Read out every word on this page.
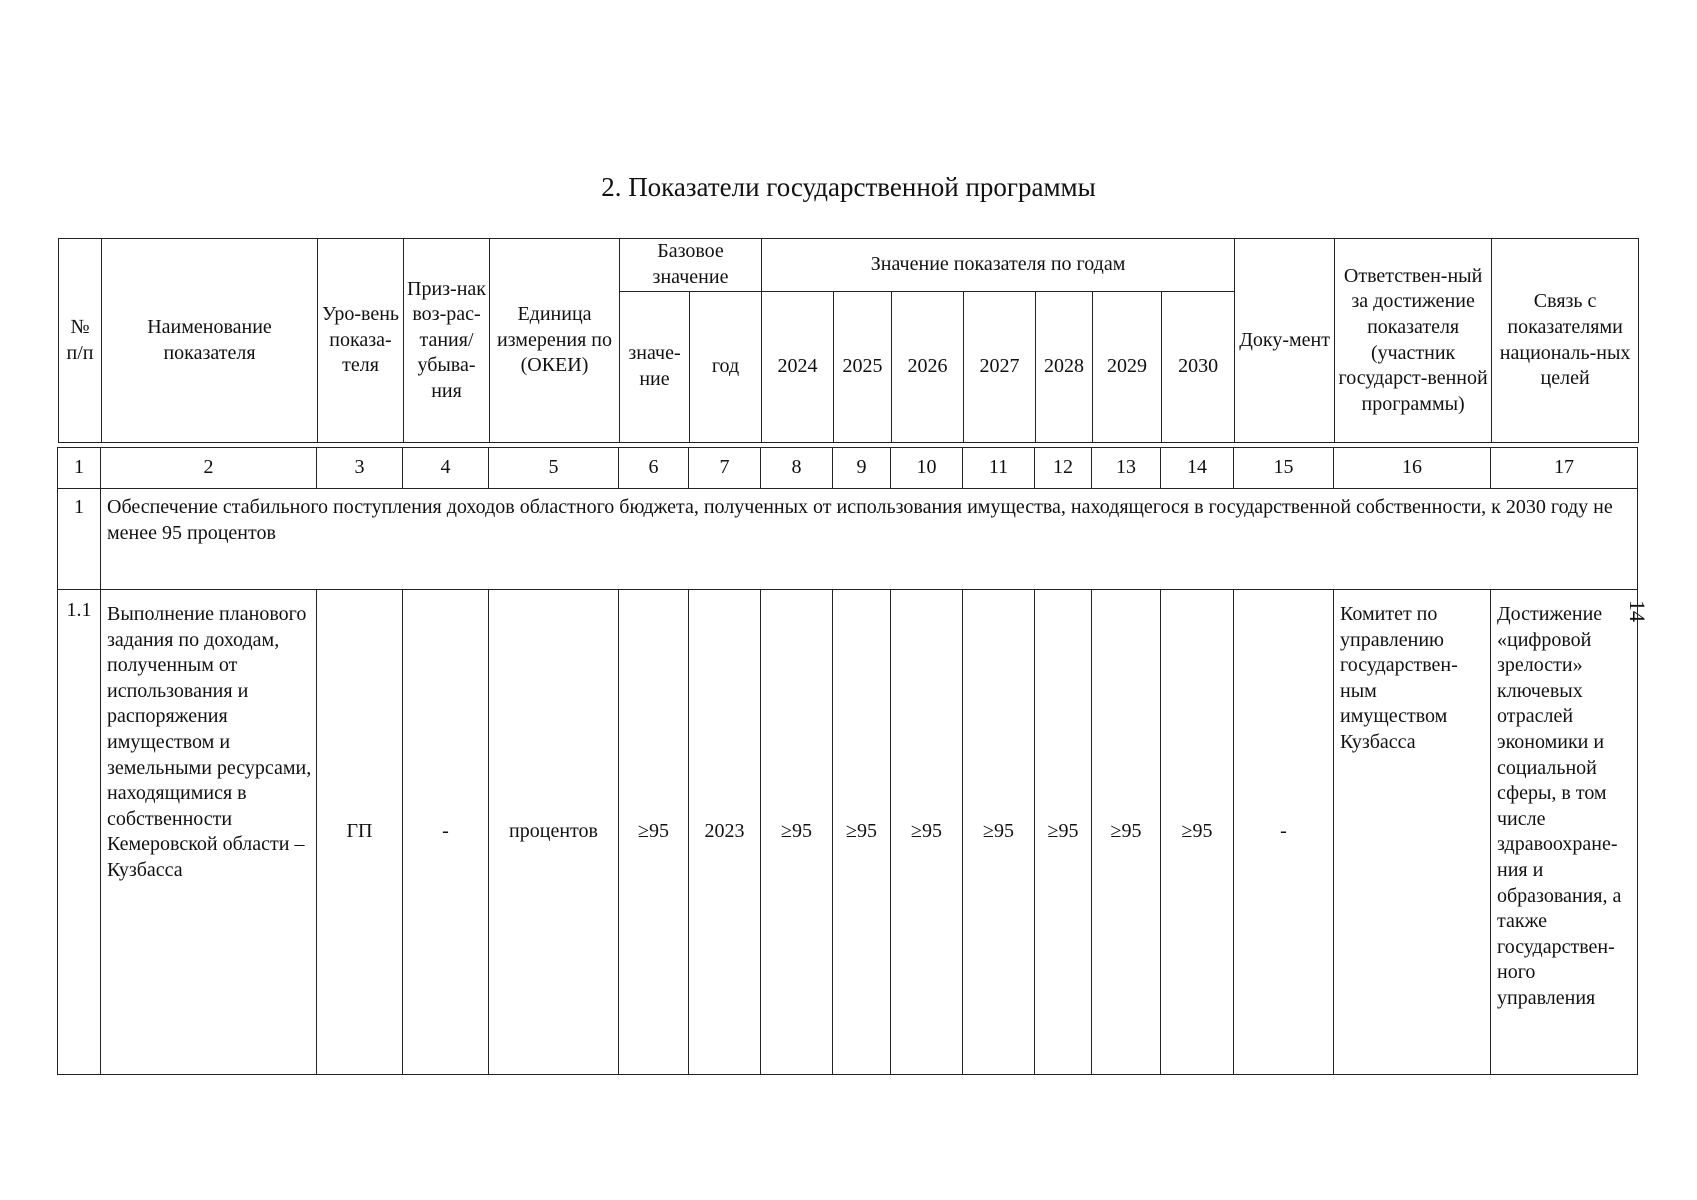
2. Показатели государственной программы
14
№ п/п	Наименование показателя	Уро-вень показа-теля	Приз-нак воз-рас-тания/ убыва-ния	Единица измерения по (ОКЕИ)	Базовое значение		Значение показателя по годам							Доку-мент	Ответствен-ный за достижение показателя (участник государст-венной программы)	Связь с показателями националь-ных целей
					значе-ние	год	2024	2025	2026	2027	2028	2029	2030			
1	2	3	4	5	6	7	8	9	10	11	12	13	14	15	16	17
1	Обеспечение стабильного поступления доходов областного бюджета, полученных от использования имущества, находящегося в государственной собственности, к 2030 году не менее 95 процентов															
1.1	Выполнение планового задания по доходам, полученным от использования и распоряжения имуществом и земельными ресурсами, находящимися в собственности Кемеровской области – Кузбасса	ГП	-	процентов	≥95	2023	≥95	≥95	≥95	≥95	≥95	≥95	≥95	-	Комитет по управлению государствен-ным имуществом Кузбасса	Достижение «цифровой зрелости» ключевых отраслей экономики и социальной сферы, в том числе здравоохране-ния и образования, а также государствен-ного управления
